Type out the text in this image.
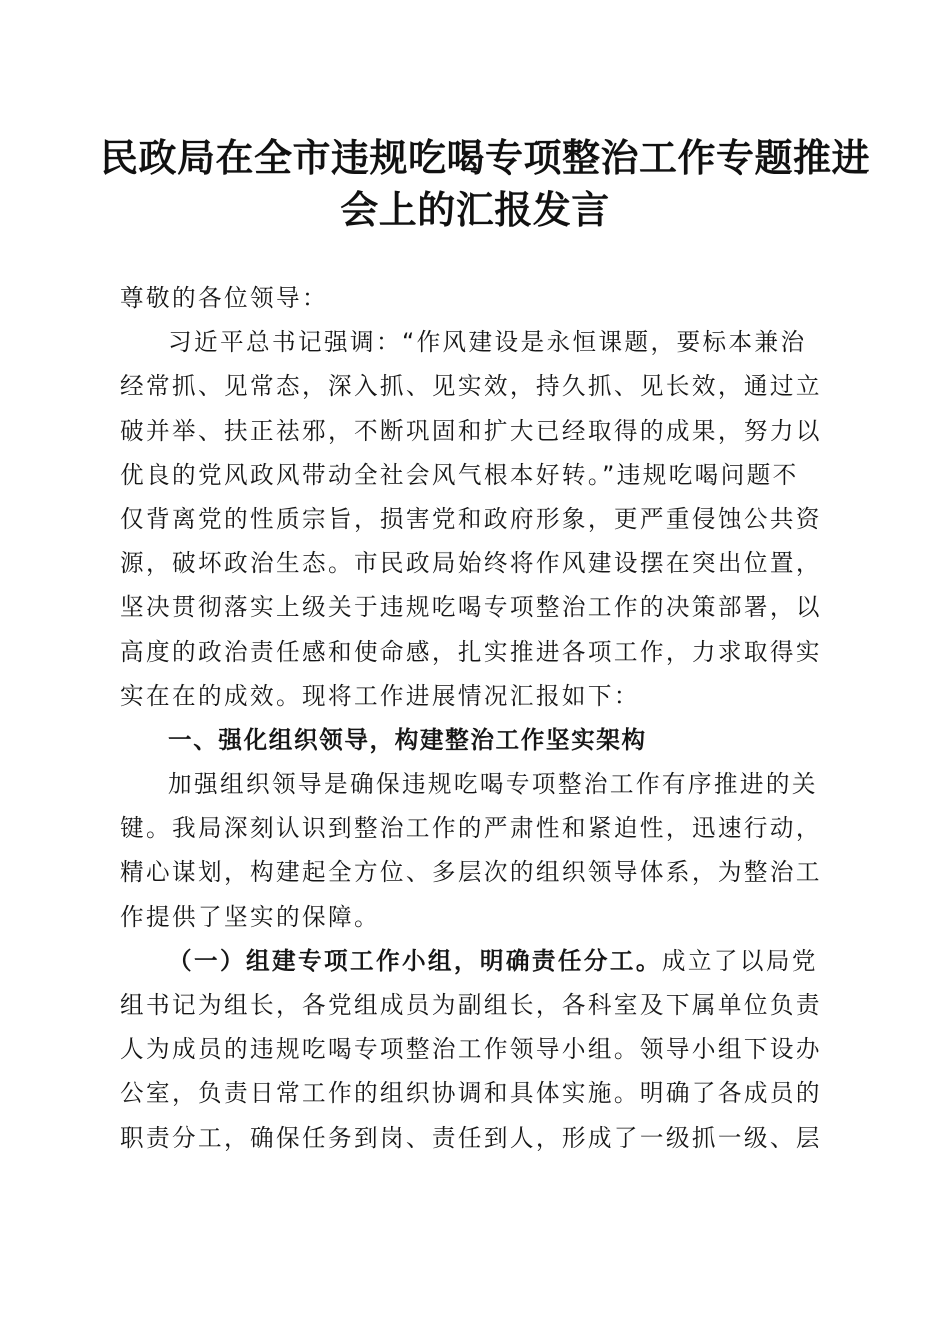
民政局在全市违规吃喝专项整治工作专题推进
会上的汇报发言
尊敬的各位领导：
习近平总书记强调：“作风建设是永恒课题，要标本兼治
经常抓、见常态，深入抓、见实效，持久抓、见长效，通过立
破并举、扶正祛邪，不断巩固和扩大已经取得的成果，努力以
优良的党风政风带动全社会风气根本好转。”违规吃喝问题不
仅背离党的性质宗旨，损害党和政府形象，更严重侵蚀公共资
源，破坏政治生态。市民政局始终将作风建设摆在突出位置，
坚决贯彻落实上级关于违规吃喝专项整治工作的决策部署，以
高度的政治责任感和使命感，扎实推进各项工作，力求取得实
实在在的成效。现将工作进展情况汇报如下：
一、强化组织领导，构建整治工作坚实架构
加强组织领导是确保违规吃喝专项整治工作有序推进的关
键。我局深刻认识到整治工作的严肃性和紧迫性，迅速行动，
精心谋划，构建起全方位、多层次的组织领导体系，为整治工
作提供了坚实的保障。
（一）组建专项工作小组，明确责任分工。成立了以局党
组书记为组长，各党组成员为副组长，各科室及下属单位负责
人为成员的违规吃喝专项整治工作领导小组。领导小组下设办
公室，负责日常工作的组织协调和具体实施。明确了各成员的
职责分工，确保任务到岗、责任到人，形成了一级抓一级、层
